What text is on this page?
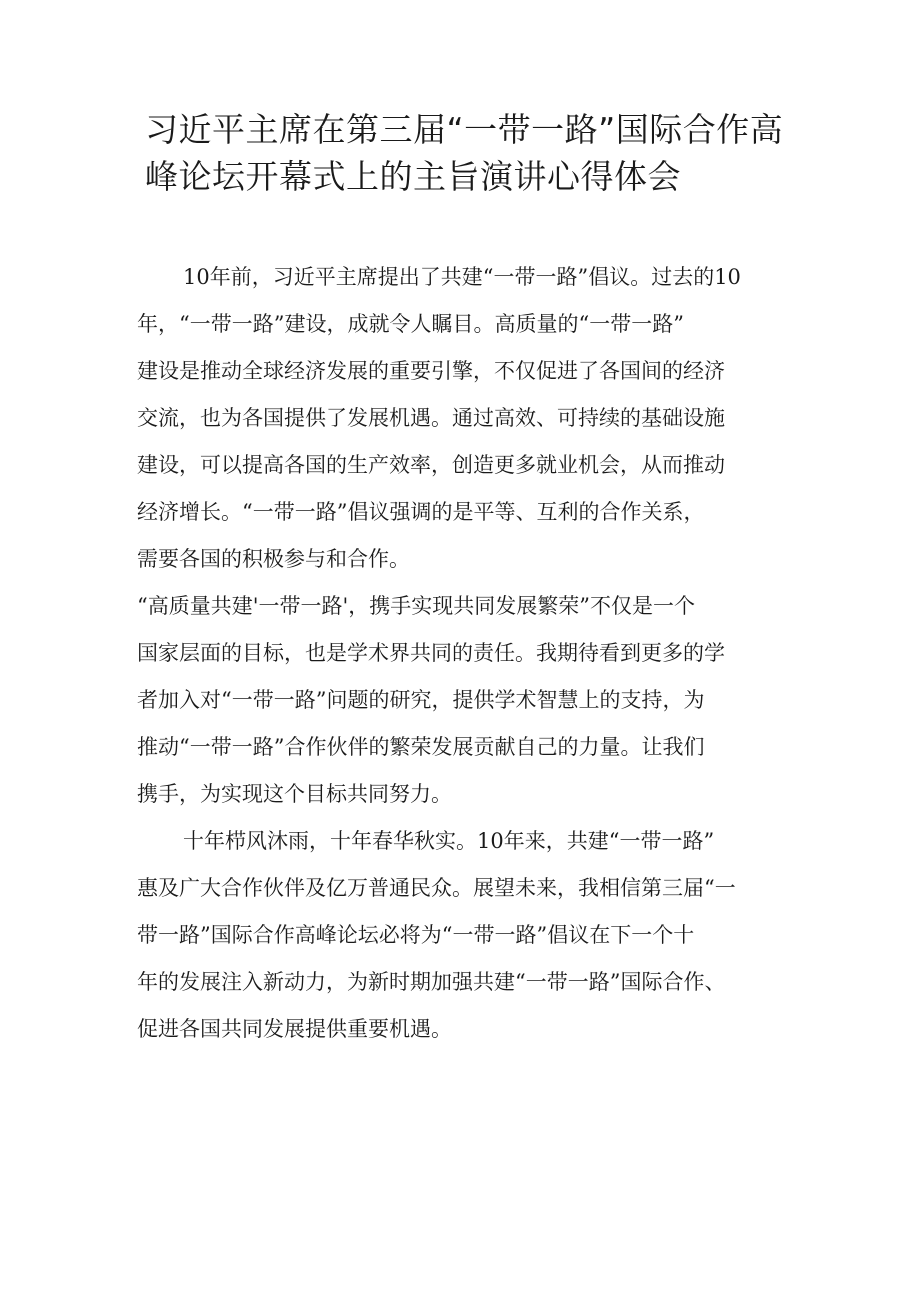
习近平主席在第三届“一带一路”国际合作高
峰论坛开幕式上的主旨演讲心得体会
10年前，习近平主席提出了共建“一带一路”倡议。过去的10
年，“一带一路”建设，成就令人瞩目。高质量的“一带一路”
建设是推动全球经济发展的重要引擎，不仅促进了各国间的经济
交流，也为各国提供了发展机遇。通过高效、可持续的基础设施
建设，可以提高各国的生产效率，创造更多就业机会，从而推动
经济增长。“一带一路”倡议强调的是平等、互利的合作关系，
需要各国的积极参与和合作。
“高质量共建'一带一路'，携手实现共同发展繁荣”不仅是一个
国家层面的目标，也是学术界共同的责任。我期待看到更多的学
者加入对“一带一路”问题的研究，提供学术智慧上的支持，为
推动“一带一路”合作伙伴的繁荣发展贡献自己的力量。让我们
携手，为实现这个目标共同努力。
十年栉风沐雨，十年春华秋实。10年来，共建“一带一路”
惠及广大合作伙伴及亿万普通民众。展望未来，我相信第三届“一
带一路”国际合作高峰论坛必将为“一带一路”倡议在下一个十
年的发展注入新动力，为新时期加强共建“一带一路”国际合作、
促进各国共同发展提供重要机遇。
